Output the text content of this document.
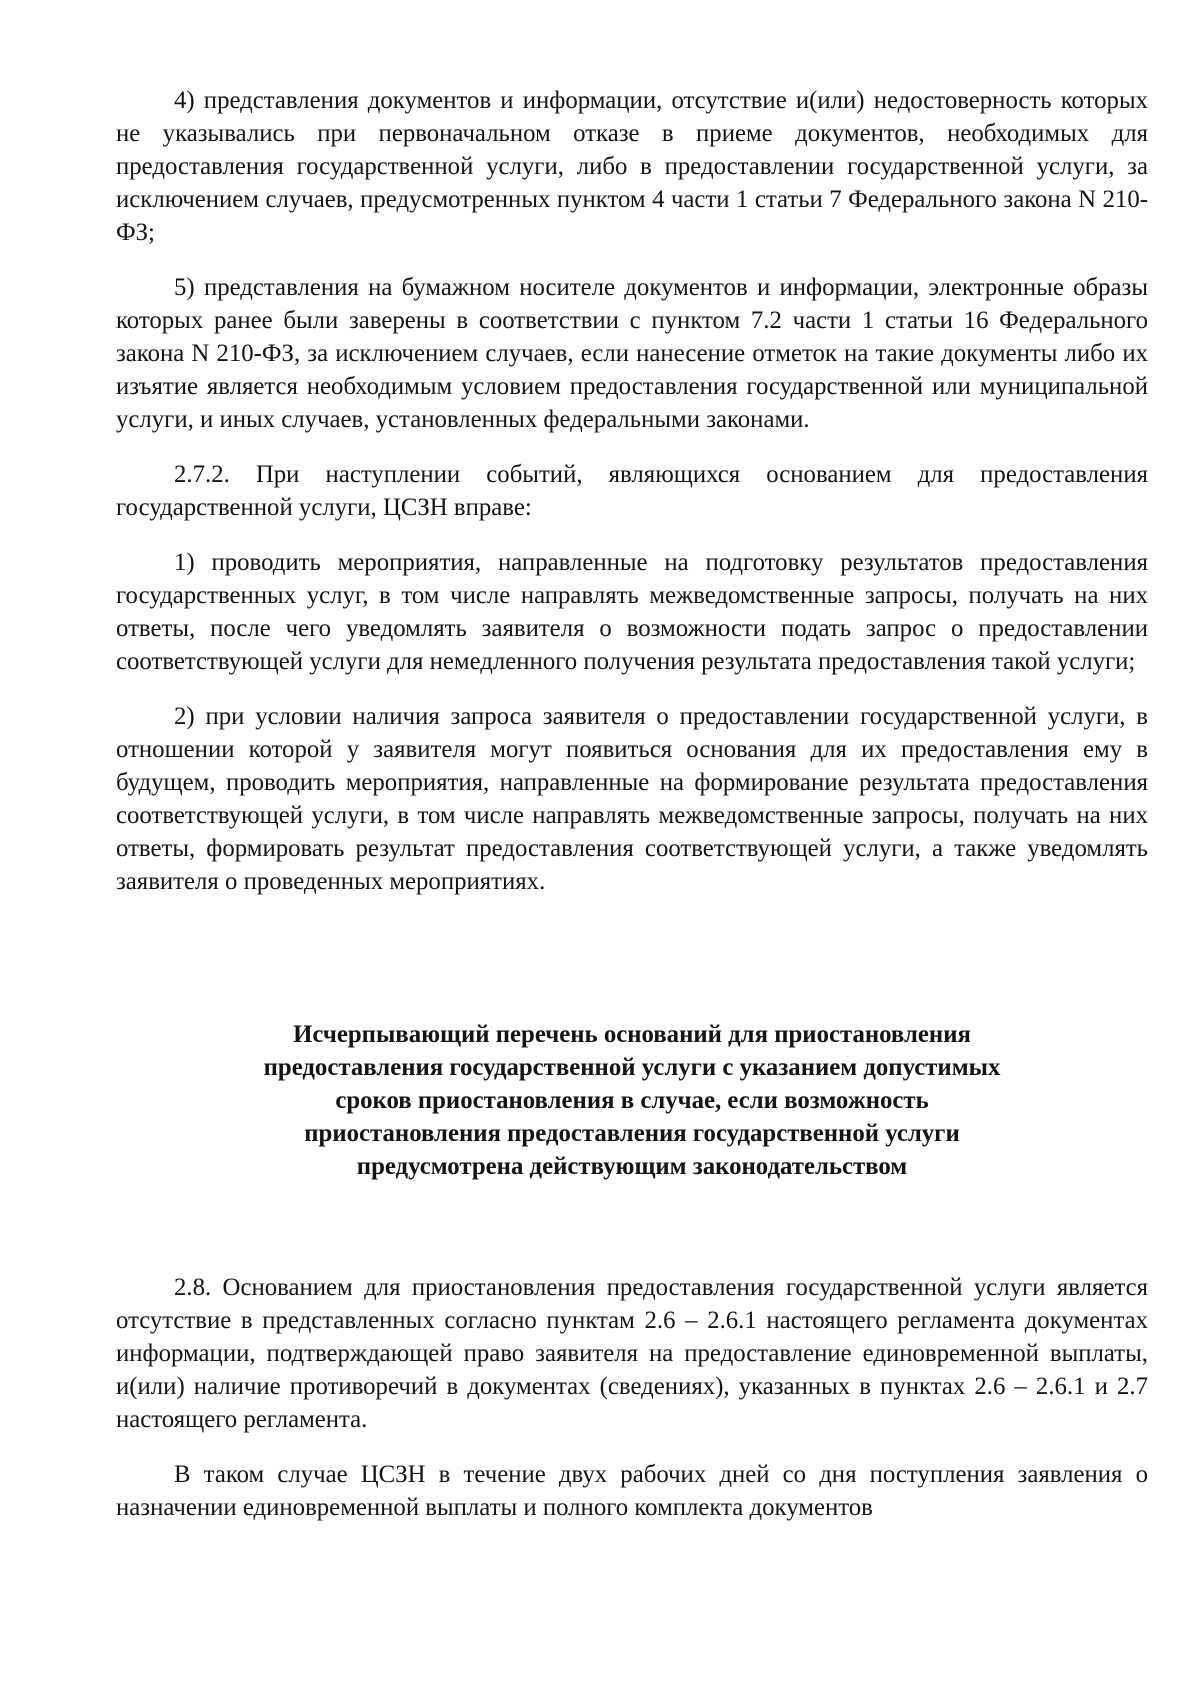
4) представления документов и информации, отсутствие и(или) недостоверность которых не указывались при первоначальном отказе в приеме документов, необходимых для предоставления государственной услуги, либо в предоставлении государственной услуги, за исключением случаев, предусмотренных пунктом 4 части 1 статьи 7 Федерального закона N 210-ФЗ;

5) представления на бумажном носителе документов и информации, электронные образы которых ранее были заверены в соответствии с пунктом 7.2 части 1 статьи 16 Федерального закона N 210-ФЗ, за исключением случаев, если нанесение отметок на такие документы либо их изъятие является необходимым условием предоставления государственной или муниципальной услуги, и иных случаев, установленных федеральными законами.

2.7.2. При наступлении событий, являющихся основанием для предоставления государственной услуги, ЦСЗН вправе:

1) проводить мероприятия, направленные на подготовку результатов предоставления государственных услуг, в том числе направлять межведомственные запросы, получать на них ответы, после чего уведомлять заявителя о возможности подать запрос о предоставлении соответствующей услуги для немедленного получения результата предоставления такой услуги;

2) при условии наличия запроса заявителя о предоставлении государственной услуги, в отношении которой у заявителя могут появиться основания для их предоставления ему в будущем, проводить мероприятия, направленные на формирование результата предоставления соответствующей услуги, в том числе направлять межведомственные запросы, получать на них ответы, формировать результат предоставления соответствующей услуги, а также уведомлять заявителя о проведенных мероприятиях.

Исчерпывающий перечень оснований для приостановления
предоставления государственной услуги с указанием допустимых
сроков приостановления в случае, если возможность
приостановления предоставления государственной услуги
предусмотрена действующим законодательством

2.8. Основанием для приостановления предоставления государственной услуги является отсутствие в представленных согласно пунктам 2.6 – 2.6.1 настоящего регламента документах информации, подтверждающей право заявителя на предоставление единовременной выплаты, и(или) наличие противоречий в документах (сведениях), указанных в пунктах 2.6 – 2.6.1 и 2.7 настоящего регламента.

В таком случае ЦСЗН в течение двух рабочих дней со дня поступления заявления о назначении единовременной выплаты и полного комплекта документов
